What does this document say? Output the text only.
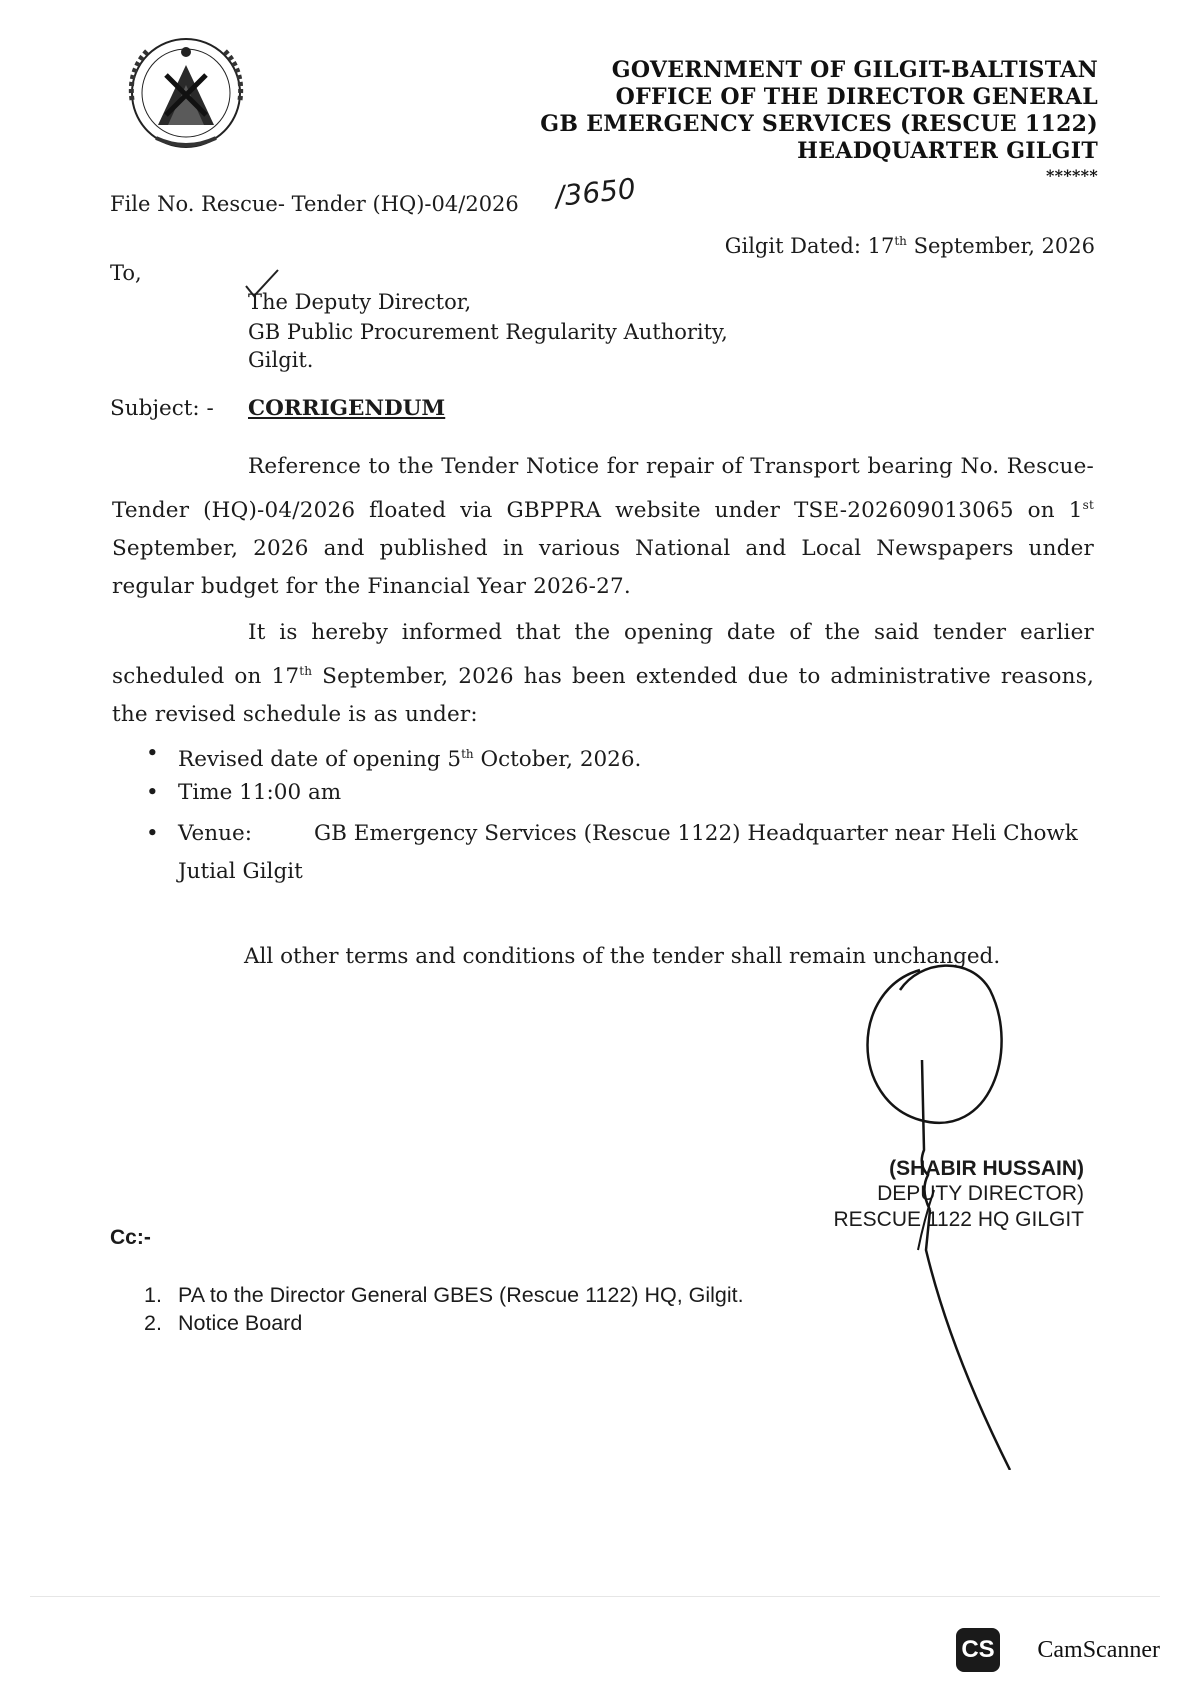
GOVERNMENT OF GILGIT-BALTISTAN
OFFICE OF THE DIRECTOR GENERAL
GB EMERGENCY SERVICES (RESCUE 1122)
HEADQUARTER GILGIT
******
File No. Rescue- Tender (HQ)-04/2026 /3650
Gilgit Dated: 17th September, 2026
To,
The Deputy Director,
GB Public Procurement Regularity Authority,
Gilgit.
Subject: - CORRIGENDUM
Reference to the Tender Notice for repair of Transport bearing No. Rescue-Tender (HQ)-04/2026 floated via GBPPRA website under TSE-202609013065 on 1st September, 2026 and published in various National and Local Newspapers under regular budget for the Financial Year 2026-27.
It is hereby informed that the opening date of the said tender earlier scheduled on 17th September, 2026 has been extended due to administrative reasons, the revised schedule is as under:
• Revised date of opening 5th October, 2026.
• Time 11:00 am
• Venue:	GB Emergency Services (Rescue 1122) Headquarter near Heli Chowk
Jutial Gilgit
All other terms and conditions of the tender shall remain unchanged.
(SHABIR HUSSAIN)
DEPUTY DIRECTOR)
RESCUE 1122 HQ GILGIT
Cc:-
1. PA to the Director General GBES (Rescue 1122) HQ, Gilgit.
2. Notice Board
CS CamScanner
